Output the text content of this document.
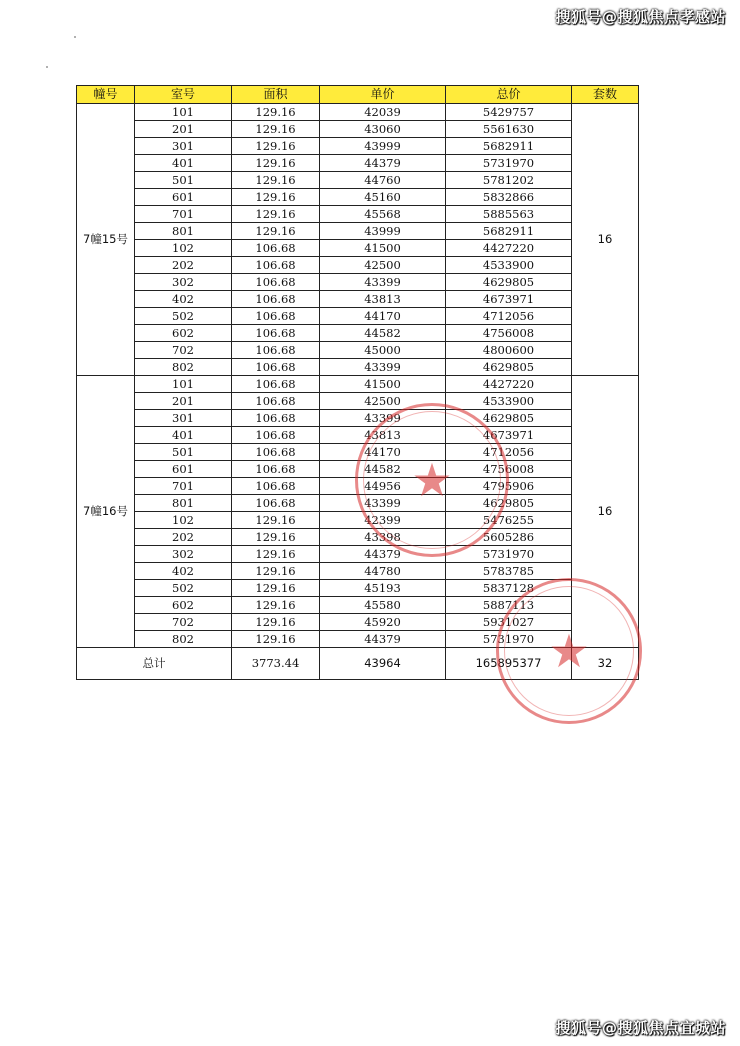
搜狐号@搜狐焦点孝感站
幢号	室号	面积	单价	总价	套数
7幢15号	101	129.16	42039	5429757	16
	201	129.16	43060	5561630	
	301	129.16	43999	5682911	
	401	129.16	44379	5731970	
	501	129.16	44760	5781202	
	601	129.16	45160	5832866	
	701	129.16	45568	5885563	
	801	129.16	43999	5682911	
	102	106.68	41500	4427220	
	202	106.68	42500	4533900	
	302	106.68	43399	4629805	
	402	106.68	43813	4673971	
	502	106.68	44170	4712056	
	602	106.68	44582	4756008	
	702	106.68	45000	4800600	
	802	106.68	43399	4629805	
7幢16号	101	106.68	41500	4427220	16
	201	106.68	42500	4533900	
	301	106.68	43399	4629805	
	401	106.68	43813	4673971	
	501	106.68	44170	4712056	
	601	106.68	44582	4756008	
	701	106.68	44956	4795906	
	801	106.68	43399	4629805	
	102	129.16	42399	5476255	
	202	129.16	43398	5605286	
	302	129.16	44379	5731970	
	402	129.16	44780	5783785	
	502	129.16	45193	5837128	
	602	129.16	45580	5887113	
	702	129.16	45920	5931027	
	802	129.16	44379	5731970	
总计		3773.44	43964	165895377	32
★
★
搜狐号@搜狐焦点宜城站
